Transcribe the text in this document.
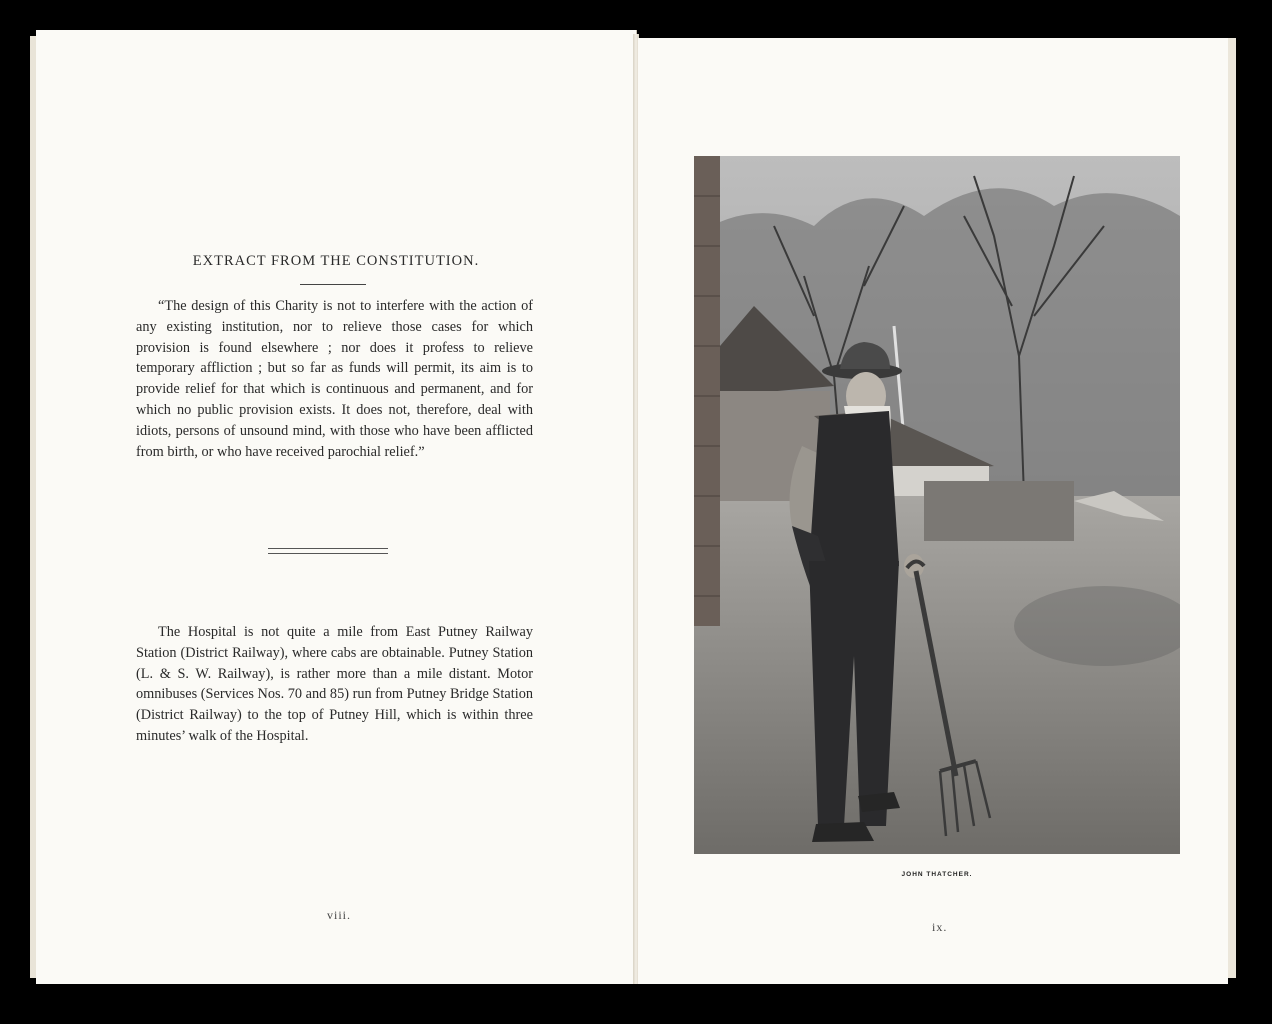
EXTRACT FROM THE CONSTITUTION.

“The design of this Charity is not to interfere with the action of any existing institution, nor to relieve those cases for which provision is found elsewhere ; nor does it profess to relieve temporary affliction ; but so far as funds will permit, its aim is to provide relief for that which is continuous and permanent, and for which no public provision exists. It does not, therefore, deal with idiots, persons of unsound mind, with those who have been afflicted from birth, or who have received parochial relief.”

The Hospital is not quite a mile from East Putney Railway Station (District Railway), where cabs are obtainable. Putney Station (L. & S. W. Railway), is rather more than a mile distant. Motor omnibuses (Services Nos. 70 and 85) run from Putney Bridge Station (District Railway) to the top of Putney Hill, which is within three minutes’ walk of the Hospital.

viii.
JOHN THATCHER.
ix.
